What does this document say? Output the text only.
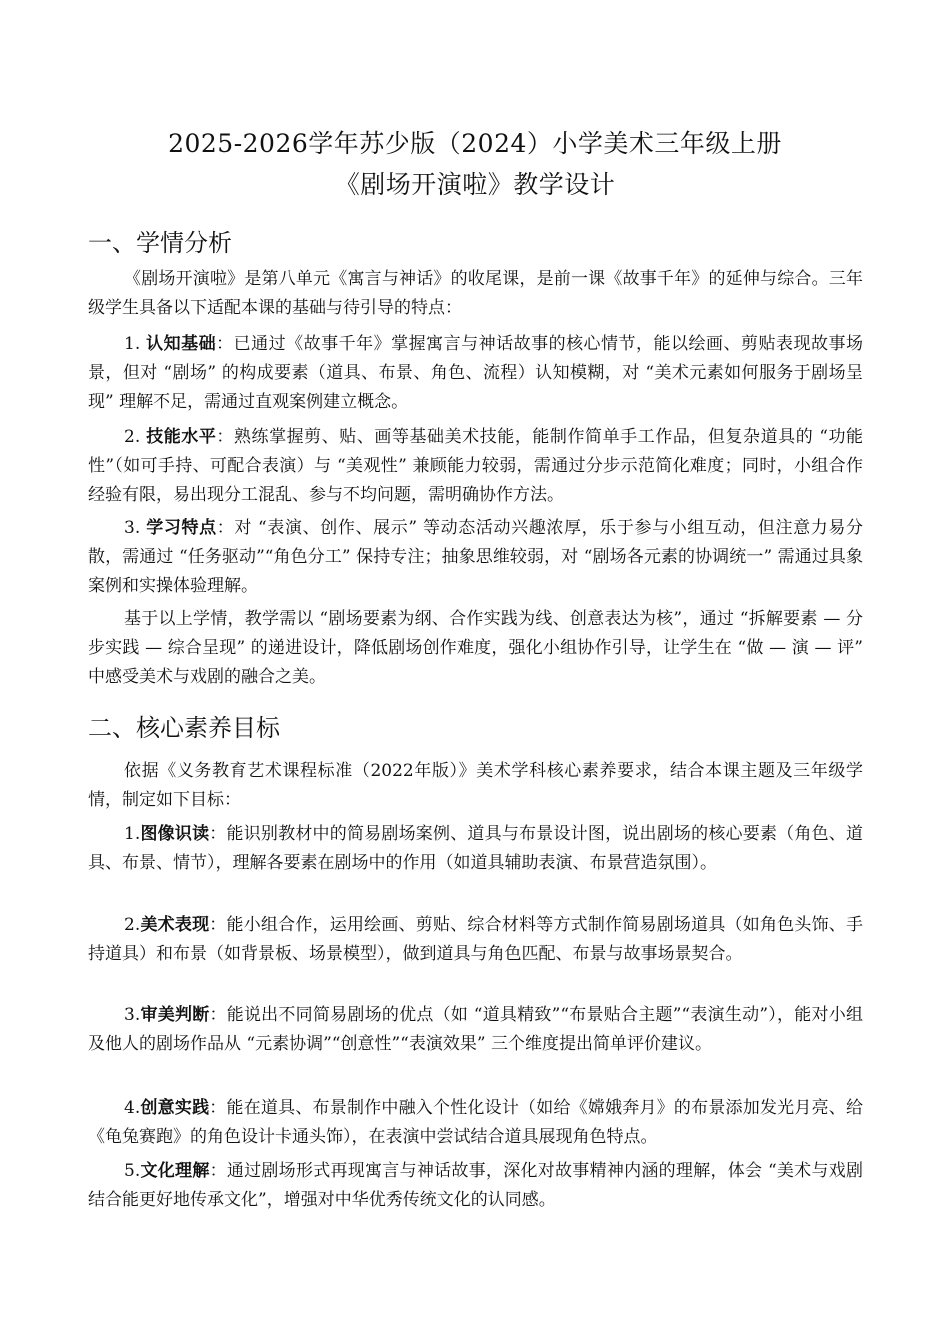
2025-2026学年苏少版（2024）小学美术三年级上册
《剧场开演啦》教学设计
一、学情分析

《剧场开演啦》是第八单元《寓言与神话》的收尾课，是前一课《故事千年》的延伸与综合。三年级学生具备以下适配本课的基础与待引导的特点：

1. 认知基础：已通过《故事千年》掌握寓言与神话故事的核心情节，能以绘画、剪贴表现故事场景，但对 “剧场” 的构成要素（道具、布景、角色、流程）认知模糊，对 “美术元素如何服务于剧场呈现” 理解不足，需通过直观案例建立概念。

2. 技能水平：熟练掌握剪、贴、画等基础美术技能，能制作简单手工作品，但复杂道具的 “功能性”（如可手持、可配合表演）与 “美观性” 兼顾能力较弱，需通过分步示范简化难度；同时，小组合作经验有限，易出现分工混乱、参与不均问题，需明确协作方法。

3. 学习特点：对 “表演、创作、展示” 等动态活动兴趣浓厚，乐于参与小组互动，但注意力易分散，需通过 “任务驱动”“角色分工” 保持专注；抽象思维较弱，对 “剧场各元素的协调统一” 需通过具象案例和实操体验理解。

基于以上学情，教学需以 “剧场要素为纲、合作实践为线、创意表达为核”，通过 “拆解要素 — 分步实践 — 综合呈现” 的递进设计，降低剧场创作难度，强化小组协作引导，让学生在 “做 — 演 — 评” 中感受美术与戏剧的融合之美。

二、核心素养目标

依据《义务教育艺术课程标准（2022年版）》美术学科核心素养要求，结合本课主题及三年级学情，制定如下目标：

1.图像识读：能识别教材中的简易剧场案例、道具与布景设计图，说出剧场的核心要素（角色、道具、布景、情节），理解各要素在剧场中的作用（如道具辅助表演、布景营造氛围）。

2.美术表现：能小组合作，运用绘画、剪贴、综合材料等方式制作简易剧场道具（如角色头饰、手持道具）和布景（如背景板、场景模型），做到道具与角色匹配、布景与故事场景契合。

3.审美判断：能说出不同简易剧场的优点（如 “道具精致”“布景贴合主题”“表演生动”），能对小组及他人的剧场作品从 “元素协调”“创意性”“表演效果” 三个维度提出简单评价建议。

4.创意实践：能在道具、布景制作中融入个性化设计（如给《嫦娥奔月》的布景添加发光月亮、给《龟兔赛跑》的角色设计卡通头饰），在表演中尝试结合道具展现角色特点。

5.文化理解：通过剧场形式再现寓言与神话故事，深化对故事精神内涵的理解，体会 “美术与戏剧结合能更好地传承文化”，增强对中华优秀传统文化的认同感。
